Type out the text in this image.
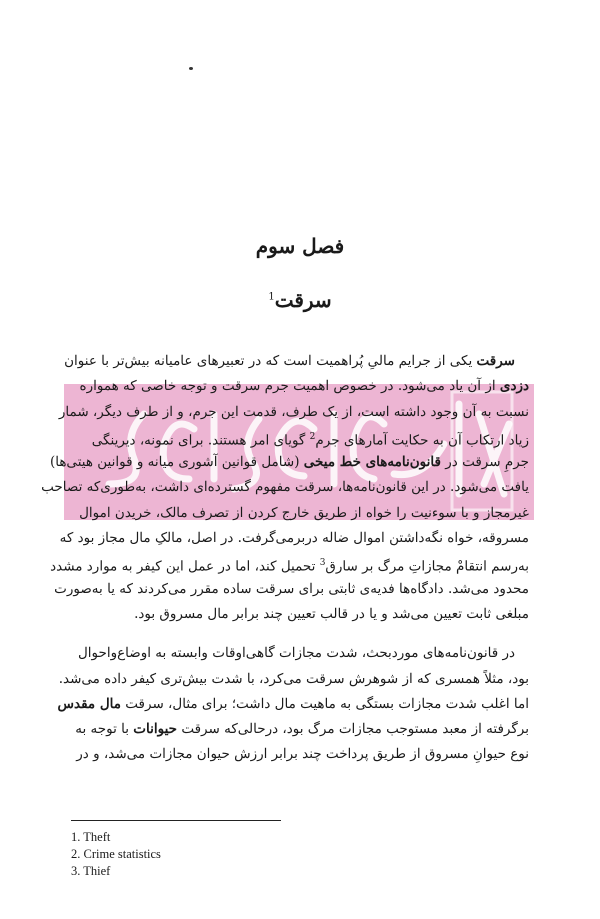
فصل سوم
سرقت$^1$
سرقت یکی از جرایم مالیِ پُراهمیت است که در تعبیرهای عامیانه بیش‌تر با عنوان
دزدی از آن یاد می‌شود. در خصوص اهمیت جرم سرقت و توجه خاصی که همواره
نسبت به آن وجود داشته است، از یک طرف، قدمت این جرم، و از طرف دیگر، شمار
زیاد ارتکاب آن به حکایت آمارهای جرم$^2$ گویای امر هستند. برای نمونه، دیرینگی
جرمِ سرقت در قانون‌نامه‌های خط میخی (شامل قوانین آشوری میانه و قوانین هیتی‌ها)
یافت می‌شود. در این قانون‌نامه‌ها، سرقت مفهوم گسترده‌ای داشت، به‌طوری‌که تصاحب
غیرمجاز و با سوءنیت را خواه از طریق خارج کردن از تصرف مالک، خریدن اموال
مسروقه، خواه نگه‌داشتن اموال ضاله دربرمی‌گرفت. در اصل، مالکِ مال مجاز بود که
به‌رسم انتقامْ مجازاتِ مرگ بر سارق$^3$ تحمیل کند، اما در عمل این کیفر به موارد مشدد
محدود می‌شد. دادگاه‌ها فدیه‌ی ثابتی برای سرقت ساده مقرر می‌کردند که یا به‌صورت
مبلغی ثابت تعیین می‌شد و یا در قالب تعیین چند برابر مال مسروق بود.
در قانون‌نامه‌های موردبحث، شدت مجازات گاهی‌اوقات وابسته به اوضاع‌واحوال
بود، مثلاً همسری که از شوهرش سرقت می‌کرد، با شدت بیش‌تری کیفر داده می‌شد.
اما اغلب شدت مجازات بستگی به ماهیت مال داشت؛ برای مثال، سرقت مال مقدس
برگرفته از معبد مستوجب مجازات مرگ بود، درحالی‌که سرقت حیوانات با توجه به
نوع حیوانِ مسروق از طریق پرداخت چند برابر ارزش حیوان مجازات می‌شد، و در
1. Theft
2. Crime statistics
3. Thief
